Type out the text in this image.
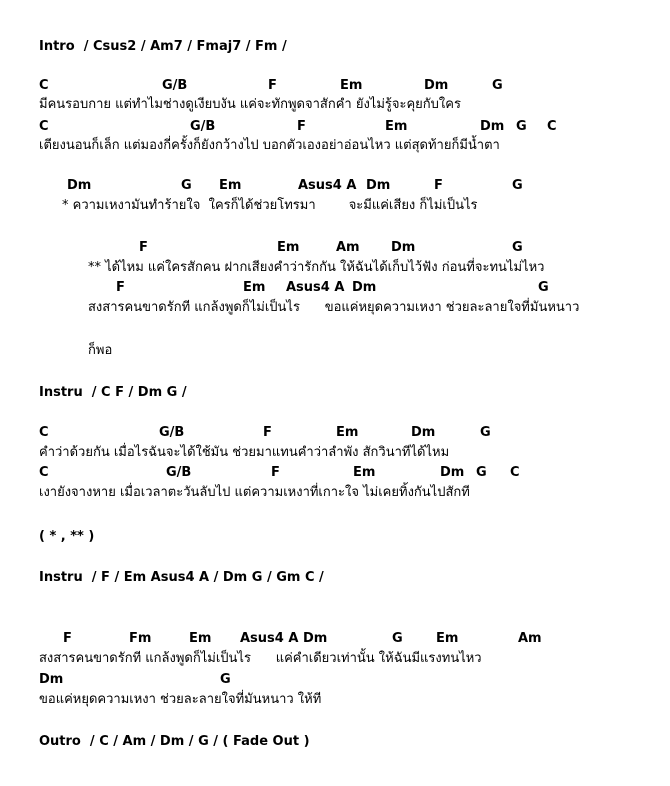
Intro  / Csus2 / Am7 / Fmaj7 / Fm /
C	G/B	F	Em	Dm	G
มีคนรอบกาย แต่ทำไมช่างดูเงียบงัน แค่จะทักพูดจาสักคำ ยังไม่รู้จะคุยกับใคร
C	G/B	F	Em	Dm G C
เตียงนอนก็เล็ก แต่มองกี่ครั้งก็ยังกว้างไป บอกตัวเองอย่าอ่อนไหว แต่สุดท้ายก็มีน้ำตา
Dm	G Em	Asus4 A Dm	F	G
* ความเหงามันทำร้ายใจ  ใครก็ได้ช่วยโทรมา        จะมีแค่เสียง ก็ไม่เป็นไร
F	Em	Am Dm	G
** ได้ไหม แค่ใครสักคน ฝากเสียงคำว่ารักกัน ให้ฉันได้เก็บไว้ฟัง ก่อนที่จะทนไม่ไหว
F	Em Asus4 A Dm	G
สงสารคนขาดรักที แกล้งพูดก็ไม่เป็นไร      ขอแค่หยุดความเหงา ช่วยละลายใจที่มันหนาว
ก็พอ
Instru  / C F / Dm G /
C	G/B	F	Em	Dm	G
คำว่าด้วยกัน เมื่อไรฉันจะได้ใช้มัน ช่วยมาแทนคำว่าลำพัง สักวินาทีได้ไหม
C	G/B	F	Em	Dm G C
เงายังจางหาย เมื่อเวลาตะวันลับไป แต่ความเหงาที่เกาะใจ ไม่เคยทิ้งกันไปสักที
( * , ** )
Instru  / F / Em Asus4 A / Dm G / Gm C /
F	Fm	Em Asus4 A Dm	G	Em	Am
สงสารคนขาดรักที แกล้งพูดก็ไม่เป็นไร      แค่คำเดียวเท่านั้น ให้ฉันมีแรงทนไหว
Dm	G
ขอแค่หยุดความเหงา ช่วยละลายใจที่มันหนาว ให้ที
Outro  / C / Am / Dm / G / ( Fade Out )
